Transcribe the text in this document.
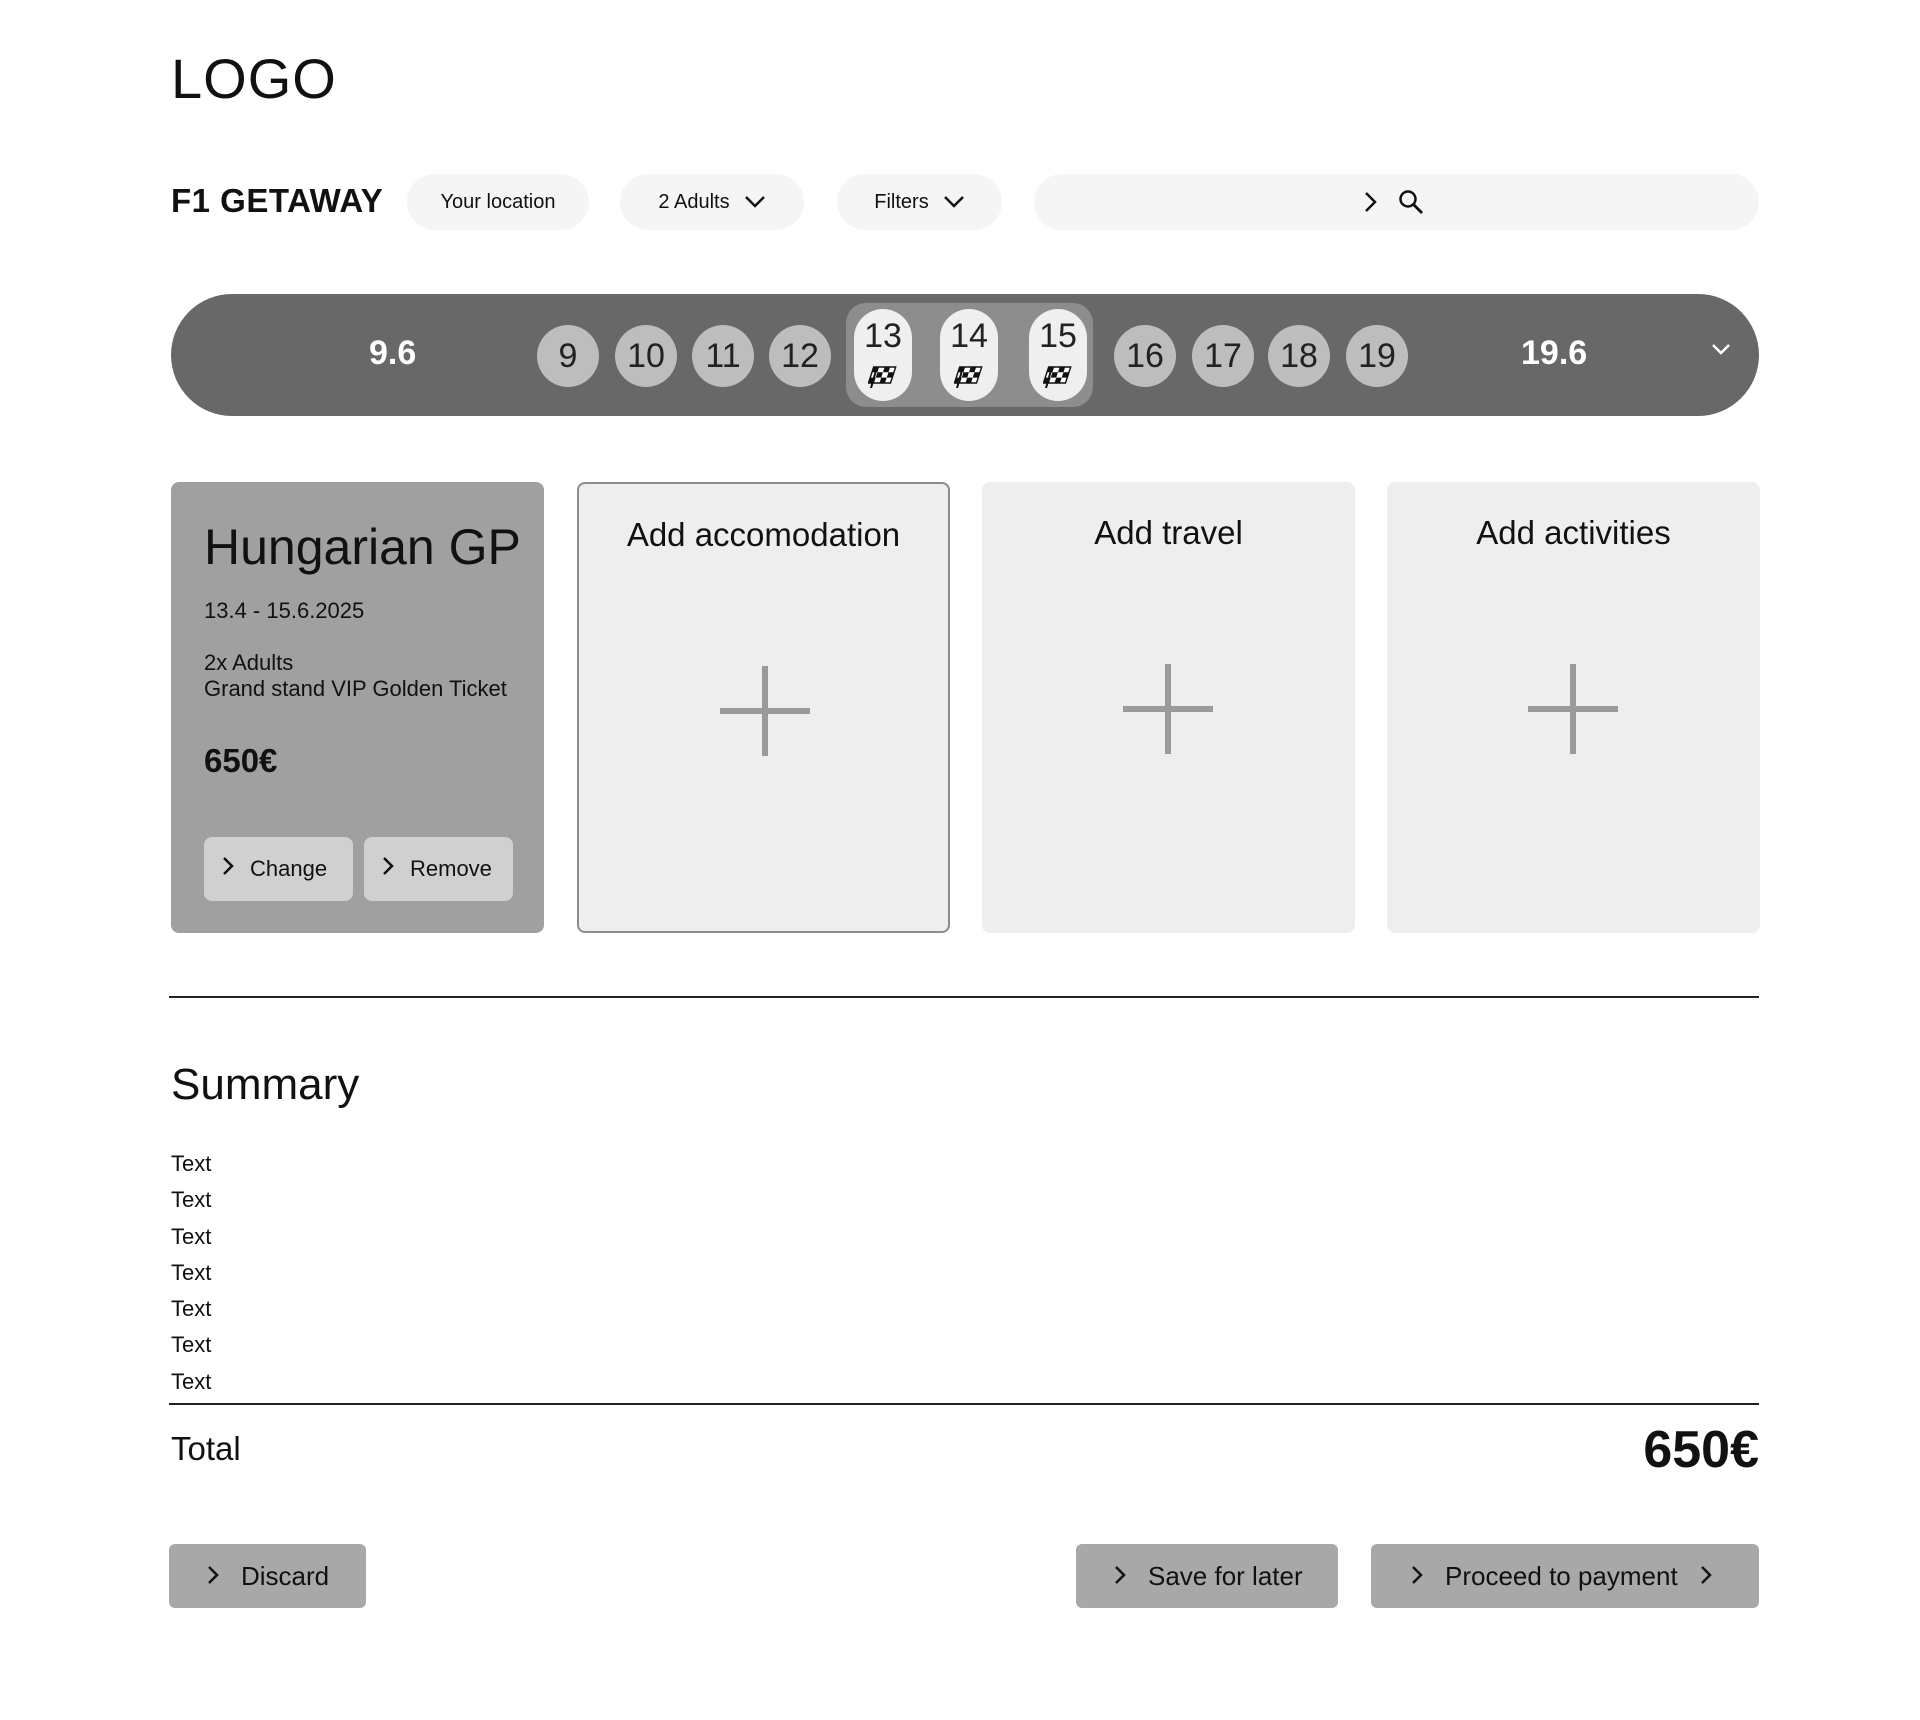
LOGO
F1 GETAWAY	Your location	2 Adults	Filters
9.6	9	10	11	12
13 14 15
16	17	18	19	19.6
Hungarian GP
13.4 - 15.6.2025
2x Adults
Grand stand VIP Golden Ticket
650€
Change	Remove
Add accomodation	Add travel	Add activities
Summary
Text
Text
Text
Text
Text
Text
Text
Total	650€
Discard	Save for later	Proceed to payment
